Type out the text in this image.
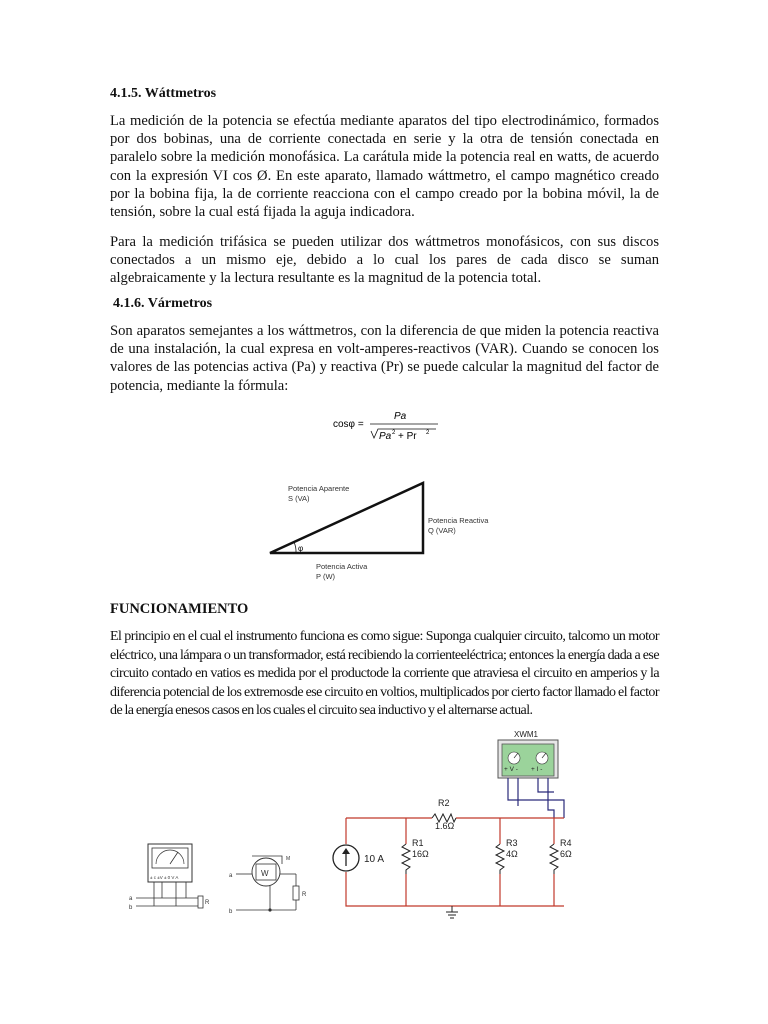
4.1.5. Wáttmetros
La medición de la potencia se efectúa mediante aparatos del tipo electrodinámico, formados por dos bobinas, una de corriente conectada en serie y la otra de tensión conectada en paralelo sobre la medición monofásica. La carátula mide la potencia real en watts, de acuerdo con la expresión VI cos Ø. En este aparato, llamado wáttmetro, el campo magnético creado por la bobina fija, la de corriente reacciona con el campo creado por la bobina móvil, la de tensión, sobre la cual está fijada la aguja indicadora.
Para la medición trifásica se pueden utilizar dos wáttmetros monofásicos, con sus discos conectados a un mismo eje, debido a lo cual los pares de cada disco se suman algebraicamente y la lectura resultante es la magnitud de la potencia total.
4.1.6. Vármetros
Son aparatos semejantes a los wáttmetros, con la diferencia de que miden la potencia reactiva de una instalación, la cual expresa en volt-amperes-reactivos (VAR). Cuando se conocen los valores de las potencias activa (Pa) y reactiva (Pr) se puede calcular la magnitud del factor de potencia, mediante la fórmula:
cosφ =
Pa
Pa 2 + Pr 2
φ
Potencia Aparente
S (VA)
Potencia Reactiva
Q (VAR)
Potencia Activa
P (W)
FUNCIONAMIENTO
El principio en el cual el instrumento funciona es como sigue: Suponga cualquier circuito, talcomo un motor eléctrico, una lámpara o un transformador, está recibiendo la corrienteeléctrica; entonces la energía dada a ese circuito contado en vatios es medida por el productode la corriente que atraviesa el circuito en amperios y la diferencia potencial de los extremosde ese circuito en voltios, multiplicados por cierto factor llamado el factor de la energía enesos casos en los cuales el circuito sea inductivo y el alternarse actual.
± c ±V ± 0 V A
a
b
R
W
M
a
b
R
XWM1
+ V - + I -
10 A
R2
1.6Ω
R1
16Ω
R3
4Ω
R4
6Ω
